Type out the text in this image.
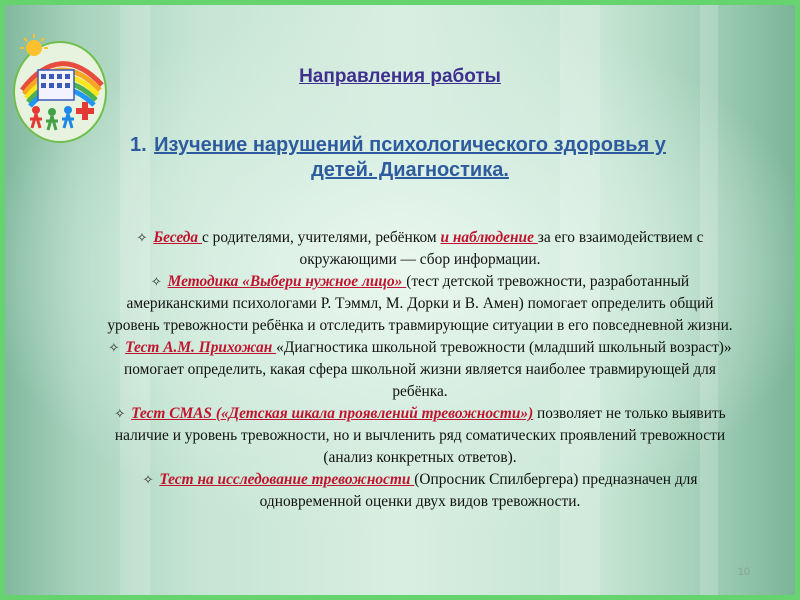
Направления работы
1. Изучение нарушений психологического здоровья у детей. Диагностика.
✧ Беседа с родителями, учителями, ребёнком и наблюдение за его взаимодействием с окружающими — сбор информации.
✧ Методика «Выбери нужное лицо» (тест детской тревожности, разработанный американскими психологами Р. Тэммл, М. Дорки и В. Амен) помогает определить общий уровень тревожности ребёнка и отследить травмирующие ситуации в его повседневной жизни.
✧ Тест А.М. Прихожан «Диагностика школьной тревожности (младший школьный возраст)» помогает определить, какая сфера школьной жизни является наиболее травмирующей для ребёнка.
✧ Тест CMAS («Детская шкала проявлений тревожности») позволяет не только выявить наличие и уровень тревожности, но и вычленить ряд соматических проявлений тревожности (анализ конкретных ответов).
✧ Тест на исследование тревожности (Опросник Спилбергера) предназначен для одновременной оценки двух видов тревожности.
10
